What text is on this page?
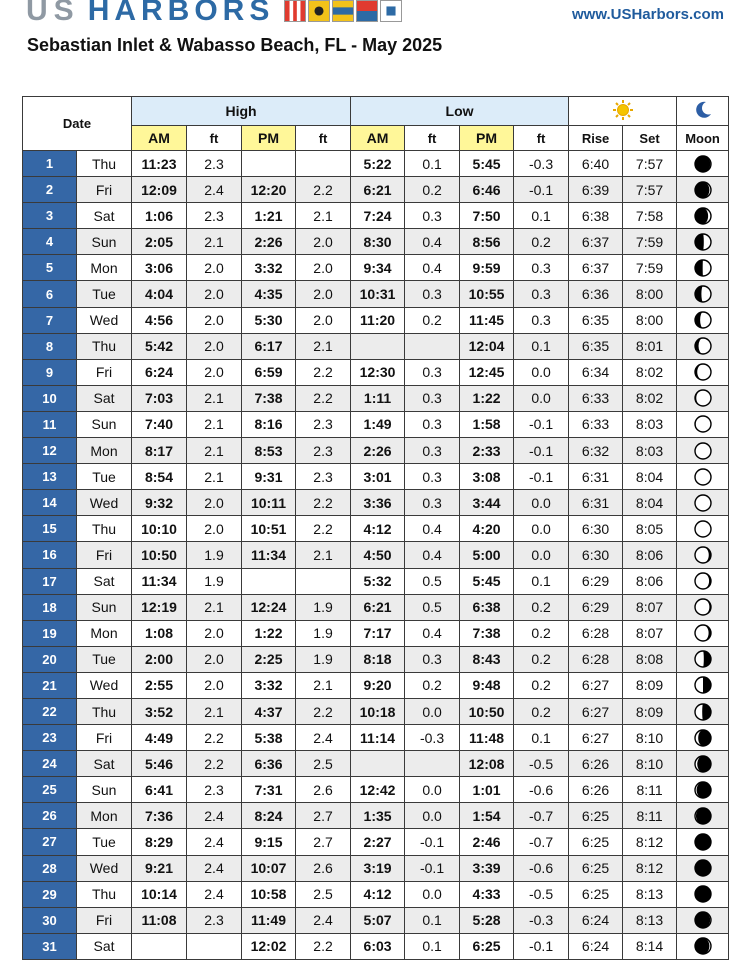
US HARBORS	www.USHarbors.com
Sebastian Inlet & Wabasso Beach, FL - May 2025
Date		High				Low		
		AM	ft	PM	ft	AM	ft	PM	ft	Rise	Set	Moon
1	Thu	11:23	2.3			5:22	0.1	5:45	-0.3	6:40	7:57	

2	Fri	12:09	2.4	12:20	2.2	6:21	0.2	6:46	-0.1	6:39	7:57	

3	Sat	1:06	2.3	1:21	2.1	7:24	0.3	7:50	0.1	6:38	7:58	

4	Sun	2:05	2.1	2:26	2.0	8:30	0.4	8:56	0.2	6:37	7:59	

5	Mon	3:06	2.0	3:32	2.0	9:34	0.4	9:59	0.3	6:37	7:59	

6	Tue	4:04	2.0	4:35	2.0	10:31	0.3	10:55	0.3	6:36	8:00	

7	Wed	4:56	2.0	5:30	2.0	11:20	0.2	11:45	0.3	6:35	8:00	

8	Thu	5:42	2.0	6:17	2.1			12:04	0.1	6:35	8:01	

9	Fri	6:24	2.0	6:59	2.2	12:30	0.3	12:45	0.0	6:34	8:02	

10	Sat	7:03	2.1	7:38	2.2	1:11	0.3	1:22	0.0	6:33	8:02	

11	Sun	7:40	2.1	8:16	2.3	1:49	0.3	1:58	-0.1	6:33	8:03	

12	Mon	8:17	2.1	8:53	2.3	2:26	0.3	2:33	-0.1	6:32	8:03	

13	Tue	8:54	2.1	9:31	2.3	3:01	0.3	3:08	-0.1	6:31	8:04	

14	Wed	9:32	2.0	10:11	2.2	3:36	0.3	3:44	0.0	6:31	8:04	

15	Thu	10:10	2.0	10:51	2.2	4:12	0.4	4:20	0.0	6:30	8:05	

16	Fri	10:50	1.9	11:34	2.1	4:50	0.4	5:00	0.0	6:30	8:06	

17	Sat	11:34	1.9			5:32	0.5	5:45	0.1	6:29	8:06	

18	Sun	12:19	2.1	12:24	1.9	6:21	0.5	6:38	0.2	6:29	8:07	

19	Mon	1:08	2.0	1:22	1.9	7:17	0.4	7:38	0.2	6:28	8:07	

20	Tue	2:00	2.0	2:25	1.9	8:18	0.3	8:43	0.2	6:28	8:08	

21	Wed	2:55	2.0	3:32	2.1	9:20	0.2	9:48	0.2	6:27	8:09	

22	Thu	3:52	2.1	4:37	2.2	10:18	0.0	10:50	0.2	6:27	8:09	

23	Fri	4:49	2.2	5:38	2.4	11:14	-0.3	11:48	0.1	6:27	8:10	

24	Sat	5:46	2.2	6:36	2.5			12:08	-0.5	6:26	8:10	

25	Sun	6:41	2.3	7:31	2.6	12:42	0.0	1:01	-0.6	6:26	8:11	

26	Mon	7:36	2.4	8:24	2.7	1:35	0.0	1:54	-0.7	6:25	8:11	

27	Tue	8:29	2.4	9:15	2.7	2:27	-0.1	2:46	-0.7	6:25	8:12	

28	Wed	9:21	2.4	10:07	2.6	3:19	-0.1	3:39	-0.6	6:25	8:12	

29	Thu	10:14	2.4	10:58	2.5	4:12	0.0	4:33	-0.5	6:25	8:13	

30	Fri	11:08	2.3	11:49	2.4	5:07	0.1	5:28	-0.3	6:24	8:13	

31	Sat			12:02	2.2	6:03	0.1	6:25	-0.1	6:24	8:14	
